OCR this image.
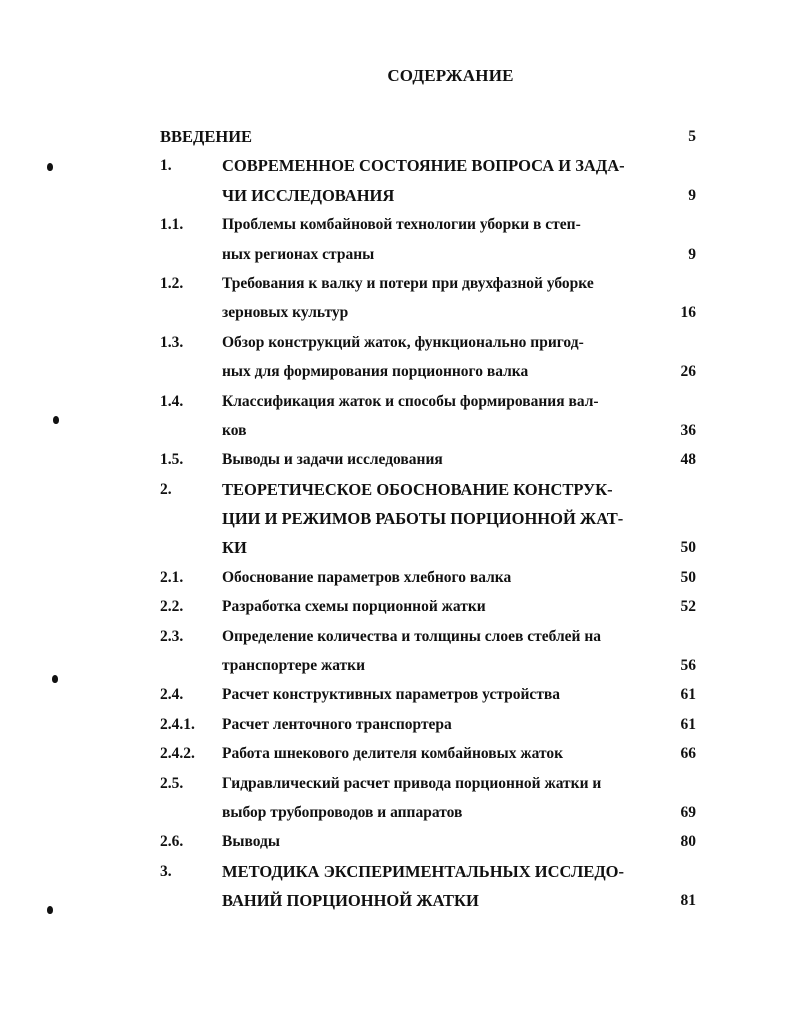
СОДЕРЖАНИЕ
ВВЕДЕНИЕ	5
1.	СОВРЕМЕННОЕ СОСТОЯНИЕ ВОПРОСА И ЗАДА-
ЧИ ИССЛЕДОВАНИЯ	9
1.1.	Проблемы комбайновой технологии уборки в степ-
ных регионах страны	9
1.2.	Требования к валку и потери при двухфазной уборке
зерновых культур	16
1.3.	Обзор конструкций жаток, функционально пригод-
ных для формирования порционного валка	26
1.4.	Классификация жаток и способы формирования вал-
ков	36
1.5.	Выводы и задачи исследования	48
2.	ТЕОРЕТИЧЕСКОЕ ОБОСНОВАНИЕ КОНСТРУК-
ЦИИ И РЕЖИМОВ РАБОТЫ ПОРЦИОННОЙ ЖАТ-
КИ	50
2.1.	Обоснование параметров хлебного валка	50
2.2.	Разработка схемы порционной жатки	52
2.3.	Определение количества и толщины слоев стеблей на
транспортере жатки	56
2.4.	Расчет конструктивных параметров устройства	61
2.4.1. Расчет ленточного транспортера	61
2.4.2. Работа шнекового делителя комбайновых жаток	66
2.5.	Гидравлический расчет привода порционной жатки и
выбор трубопроводов и аппаратов	69
2.6.	Выводы	80
3.	МЕТОДИКА ЭКСПЕРИМЕНТАЛЬНЫХ ИССЛЕДО-
ВАНИЙ ПОРЦИОННОЙ ЖАТКИ	81
